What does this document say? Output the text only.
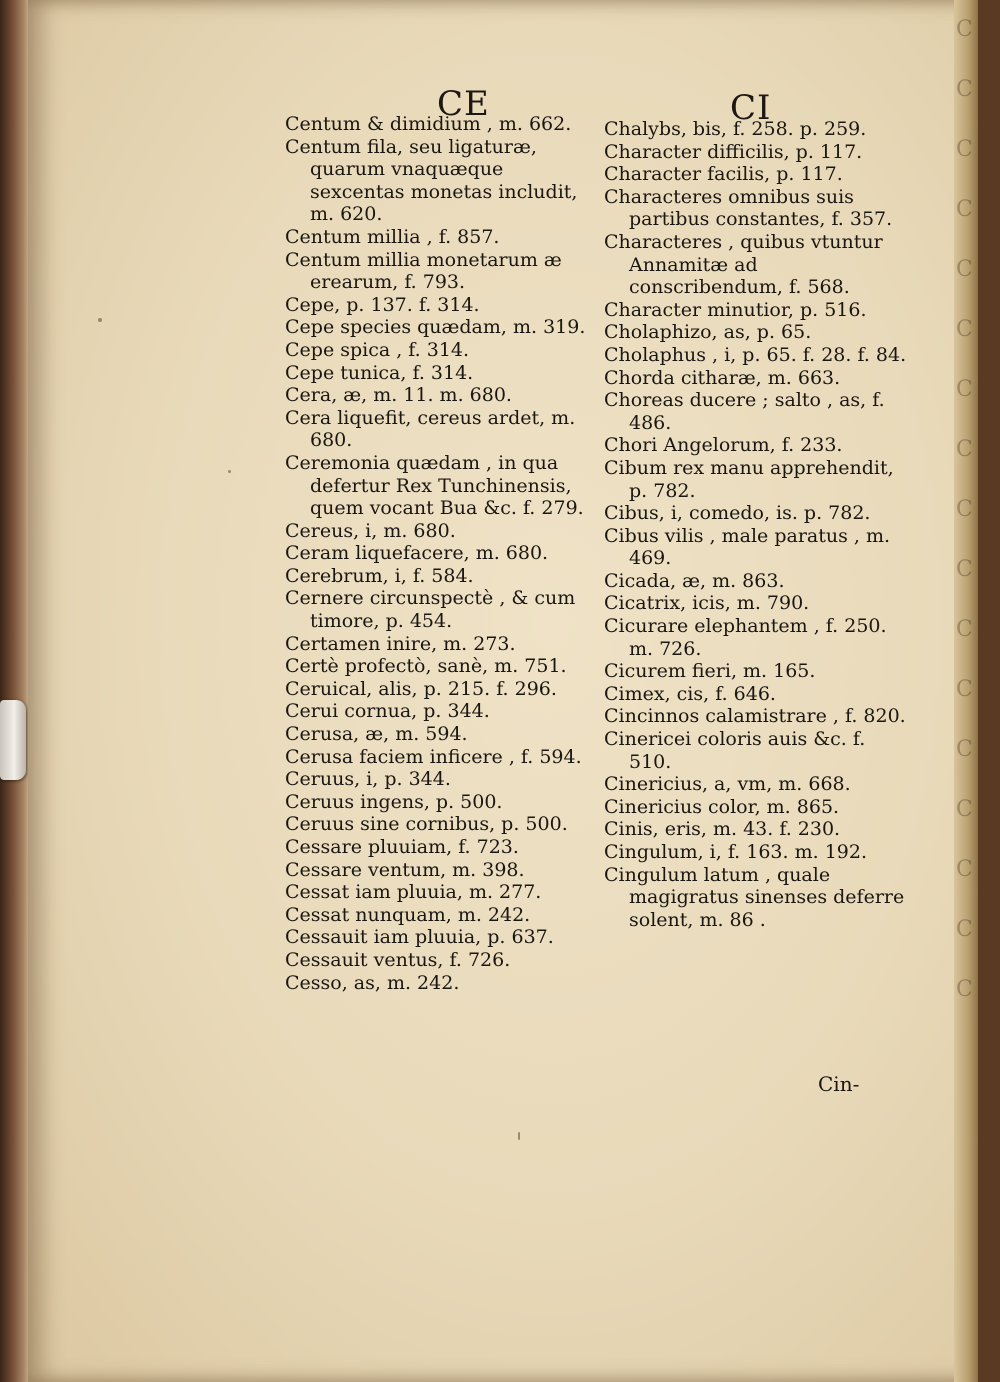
C
C
C
C
C
C
C
C
C
C
C
C
C
C
C
C
C
CE	CI
Centum & dimidium , m. 662.
Centum fila, seu ligaturæ, quarum vnaquæque sexcentas monetas includit, m. 620.
Centum millia , f. 857.
Centum millia monetarum æ erearum, f. 793.
Cepe, p. 137. f. 314.
Cepe species quædam, m. 319.
Cepe spica , f. 314.
Cepe tunica, f. 314.
Cera, æ, m. 11. m. 680.
Cera liquefit, cereus ardet, m. 680.
Ceremonia quædam , in qua defertur Rex Tunchinensis, quem vocant Bua &c. f. 279.
Cereus, i, m. 680.
Ceram liquefacere, m. 680.
Cerebrum, i, f. 584.
Cernere circunspectè , & cum timore, p. 454.
Certamen inire, m. 273.
Certè profectò, sanè, m. 751.
Ceruical, alis, p. 215. f. 296.
Cerui cornua, p. 344.
Cerusa, æ, m. 594.
Cerusa faciem inficere , f. 594.
Ceruus, i, p. 344.
Ceruus ingens, p. 500.
Ceruus sine cornibus, p. 500.
Cessare pluuiam, f. 723.
Cessare ventum, m. 398.
Cessat iam pluuia, m. 277.
Cessat nunquam, m. 242.
Cessauit iam pluuia, p. 637.
Cessauit ventus, f. 726.
Cesso, as, m. 242.
Chalybs, bis, f. 258. p. 259.
Character difficilis, p. 117.
Character facilis, p. 117.
Characteres omnibus suis partibus constantes, f. 357.
Characteres , quibus vtuntur Annamitæ ad conscribendum, f. 568.
Character minutior, p. 516.
Cholaphizo, as, p. 65.
Cholaphus , i, p. 65. f. 28. f. 84.
Chorda citharæ, m. 663.
Choreas ducere ; salto , as, f. 486.
Chori Angelorum, f. 233.
Cibum rex manu apprehendit, p. 782.
Cibus, i, comedo, is. p. 782.
Cibus vilis , male paratus , m. 469.
Cicada, æ, m. 863.
Cicatrix, icis, m. 790.
Cicurare elephantem , f. 250. m. 726.
Cicurem fieri, m. 165.
Cimex, cis, f. 646.
Cincinnos calamistrare , f. 820.
Cinericei coloris auis &c. f. 510.
Cinericius, a, vm, m. 668.
Cinericius color, m. 865.
Cinis, eris, m. 43. f. 230.
Cingulum, i, f. 163. m. 192.
Cingulum latum , quale magigratus sinenses deferre solent, m. 86 .
Cin-
